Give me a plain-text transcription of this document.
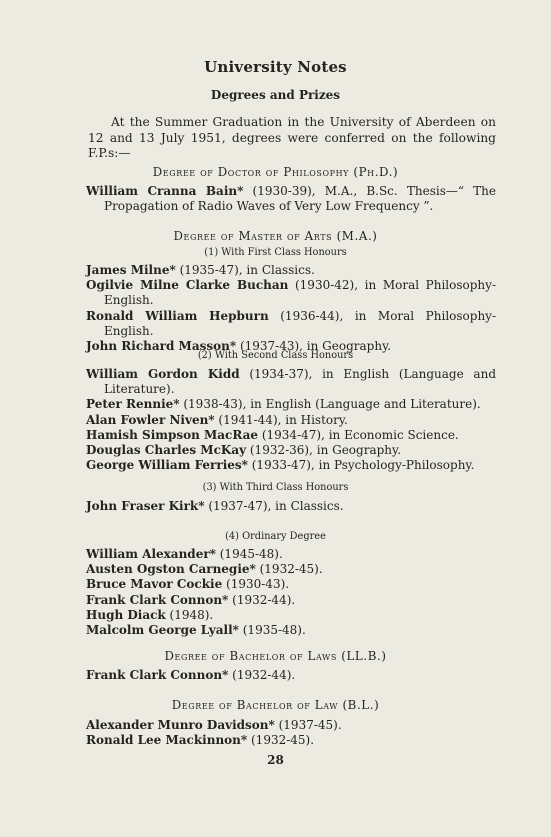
University Notes
Degrees and Prizes
At the Summer Graduation in the University of Aberdeen on 12 and 13 July 1951, degrees were conferred on the following F.P.s:—
Degree of Doctor of Philosophy (Ph.D.)
William Cranna Bain* (1930-39), M.A., B.Sc. Thesis—“ The Propagation of Radio Waves of Very Low Frequency ”.
Degree of Master of Arts (M.A.)
(1) With First Class Honours
James Milne* (1935-47), in Classics.
Ogilvie Milne Clarke Buchan (1930-42), in Moral Philosophy-English.
Ronald William Hepburn (1936-44), in Moral Philosophy-English.
John Richard Masson* (1937-43), in Geography.
(2) With Second Class Honours
William Gordon Kidd (1934-37), in English (Language and Literature).
Peter Rennie* (1938-43), in English (Language and Literature).
Alan Fowler Niven* (1941-44), in History.
Hamish Simpson MacRae (1934-47), in Economic Science.
Douglas Charles McKay (1932-36), in Geography.
George William Ferries* (1933-47), in Psychology-Philosophy.
(3) With Third Class Honours
John Fraser Kirk* (1937-47), in Classics.
(4) Ordinary Degree
William Alexander* (1945-48).
Austen Ogston Carnegie* (1932-45).
Bruce Mavor Cockie (1930-43).
Frank Clark Connon* (1932-44).
Hugh Diack (1948).
Malcolm George Lyall* (1935-48).
Degree of Bachelor of Laws (LL.B.)
Frank Clark Connon* (1932-44).
Degree of Bachelor of Law (B.L.)
Alexander Munro Davidson* (1937-45).
Ronald Lee Mackinnon* (1932-45).
28
